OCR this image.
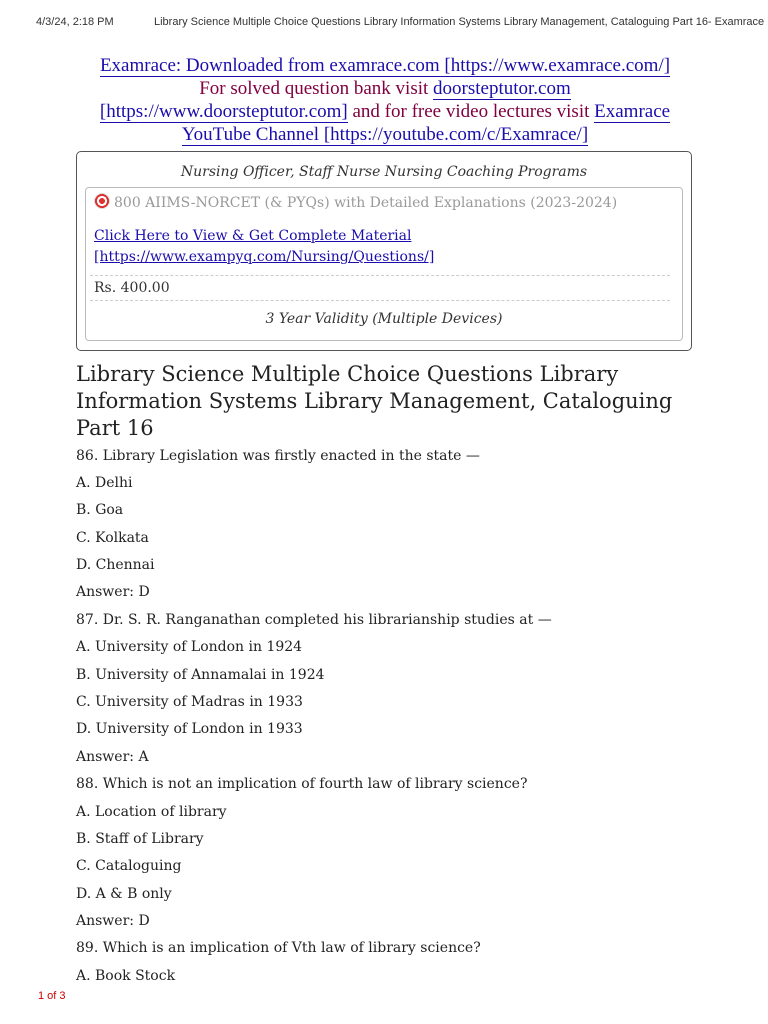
4/3/24, 2:18 PM	Library Science Multiple Choice Questions Library Information Systems Library Management, Cataloguing Part 16- Examrace
Examrace: Downloaded from examrace.com [https://www.examrace.com/]
For solved question bank visit doorsteptutor.com
[https://www.doorsteptutor.com] and for free video lectures visit Examrace
YouTube Channel [https://youtube.com/c/Examrace/]
Nursing Officer, Staff Nurse Nursing Coaching Programs
800 AIIMS-NORCET (& PYQs) with Detailed Explanations (2023-2024)
Click Here to View & Get Complete Material
[https://www.exampyq.com/Nursing/Questions/]
Rs. 400.00
3 Year Validity (Multiple Devices)
Library Science Multiple Choice Questions Library Information Systems Library Management, Cataloguing Part 16
86. Library Legislation was firstly enacted in the state —
A. Delhi
B. Goa
C. Kolkata
D. Chennai
Answer: D
87. Dr. S. R. Ranganathan completed his librarianship studies at —
A. University of London in 1924
B. University of Annamalai in 1924
C. University of Madras in 1933
D. University of London in 1933
Answer: A
88. Which is not an implication of fourth law of library science?
A. Location of library
B. Staff of Library
C. Cataloguing
D. A & B only
Answer: D
89. Which is an implication of Vth law of library science?
A. Book Stock
1 of 3
